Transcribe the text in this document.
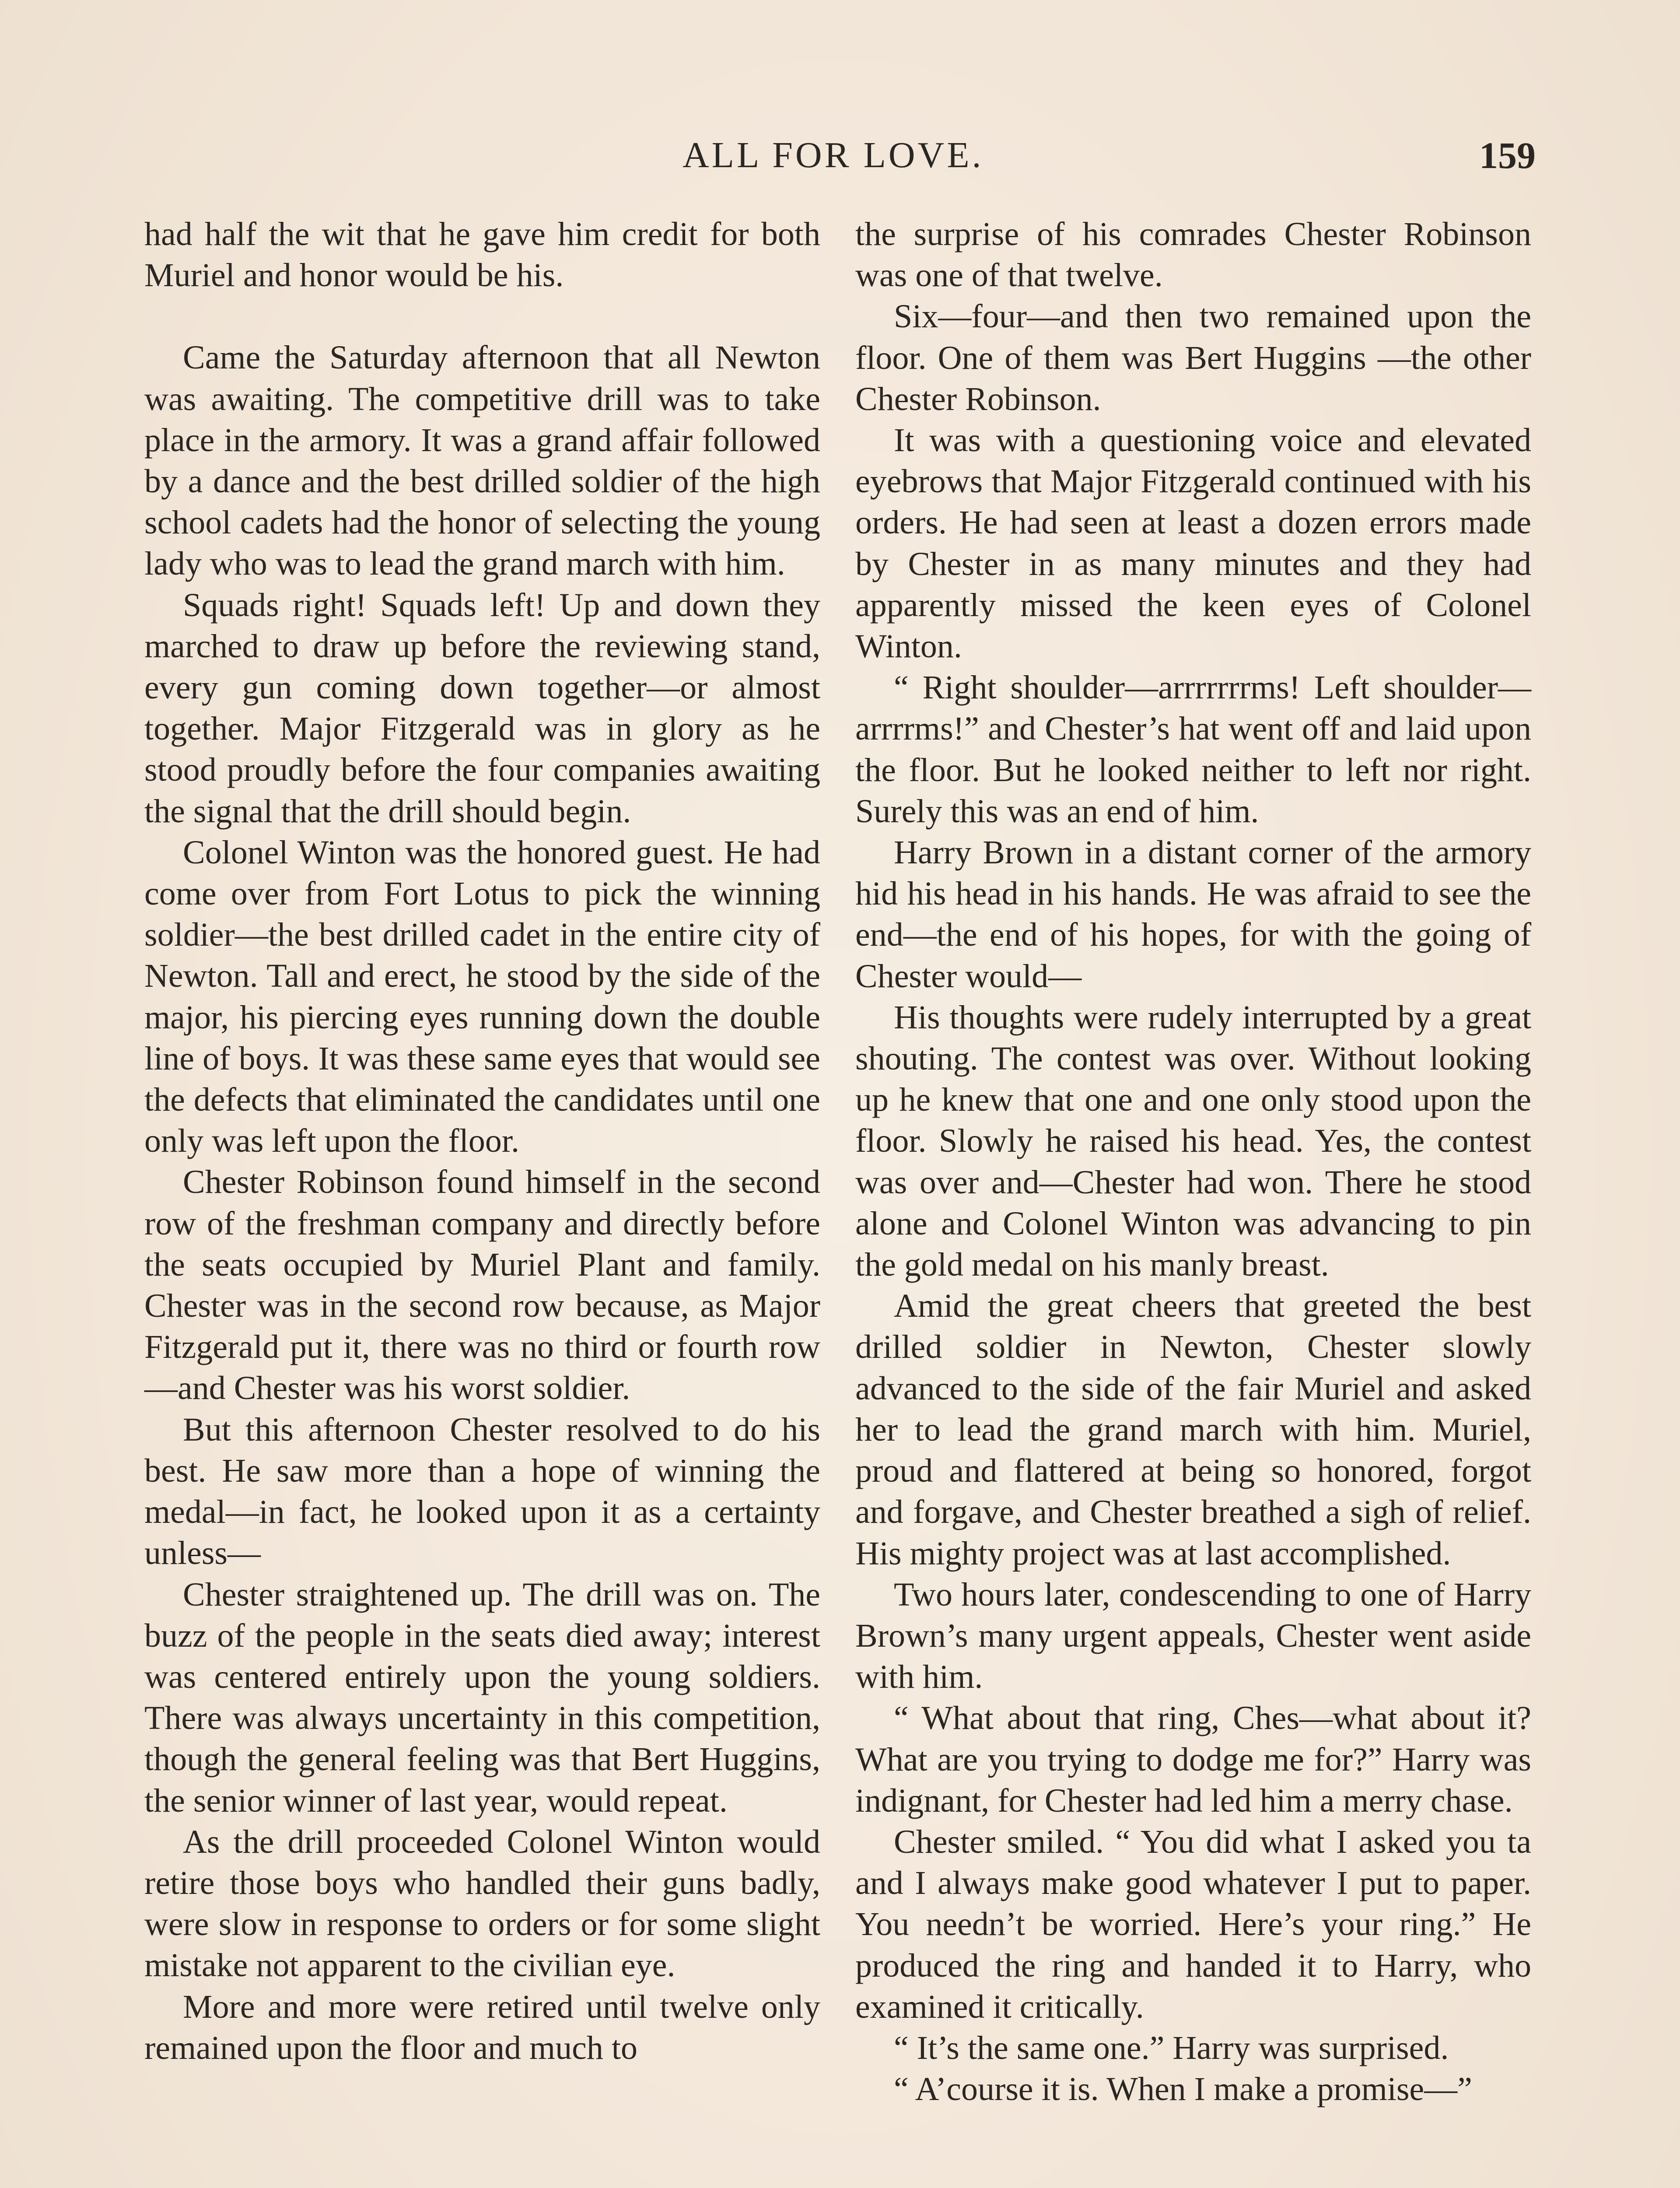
ALL FOR LOVE.	159

had half the wit that he gave him credit for both Muriel and honor would be his.

Came the Saturday afternoon that all Newton was awaiting. The competitive drill was to take place in the armory. It was a grand affair followed by a dance and the best drilled soldier of the high school cadets had the honor of selecting the young lady who was to lead the grand march with him.

Squads right! Squads left! Up and down they marched to draw up before the reviewing stand, every gun coming down together—or almost together. Major Fitzgerald was in glory as he stood proudly before the four companies awaiting the signal that the drill should begin.

Colonel Winton was the honored guest. He had come over from Fort Lotus to pick the winning soldier—the best drilled cadet in the entire city of Newton. Tall and erect, he stood by the side of the major, his piercing eyes running down the double line of boys. It was these same eyes that would see the defects that eliminated the candidates until one only was left upon the floor.

Chester Robinson found himself in the second row of the freshman company and directly before the seats occupied by Muriel Plant and family. Chester was in the second row because, as Major Fitzgerald put it, there was no third or fourth row—and Chester was his worst soldier.

But this afternoon Chester resolved to do his best. He saw more than a hope of winning the medal—in fact, he looked upon it as a certainty unless—

Chester straightened up. The drill was on. The buzz of the people in the seats died away; interest was centered entirely upon the young soldiers. There was always uncertainty in this competition, though the general feeling was that Bert Huggins, the senior winner of last year, would repeat.

As the drill proceeded Colonel Winton would retire those boys who handled their guns badly, were slow in response to orders or for some slight mistake not apparent to the civilian eye.

More and more were retired until twelve only remained upon the floor and much to

the surprise of his comrades Chester Robinson was one of that twelve.

Six—four—and then two remained upon the floor. One of them was Bert Huggins —the other Chester Robinson.

It was with a questioning voice and elevated eyebrows that Major Fitzgerald continued with his orders. He had seen at least a dozen errors made by Chester in as many minutes and they had apparently missed the keen eyes of Colonel Winton.

“ Right shoulder—arrrrrrrms! Left shoulder—arrrrms!” and Chester’s hat went off and laid upon the floor. But he looked neither to left nor right. Surely this was an end of him.

Harry Brown in a distant corner of the armory hid his head in his hands. He was afraid to see the end—the end of his hopes, for with the going of Chester would—

His thoughts were rudely interrupted by a great shouting. The contest was over. Without looking up he knew that one and one only stood upon the floor. Slowly he raised his head. Yes, the contest was over and—Chester had won. There he stood alone and Colonel Winton was advancing to pin the gold medal on his manly breast.

Amid the great cheers that greeted the best drilled soldier in Newton, Chester slowly advanced to the side of the fair Muriel and asked her to lead the grand march with him. Muriel, proud and flattered at being so honored, forgot and forgave, and Chester breathed a sigh of relief. His mighty project was at last accomplished.

Two hours later, condescending to one of Harry Brown’s many urgent appeals, Chester went aside with him.

“ What about that ring, Ches—what about it? What are you trying to dodge me for?” Harry was indignant, for Chester had led him a merry chase.

Chester smiled. “ You did what I asked you ta and I always make good whatever I put to paper. You needn’t be worried. Here’s your ring.” He produced the ring and handed it to Harry, who examined it critically.

“ It’s the same one.” Harry was surprised.

“ A’course it is. When I make a promise—”
